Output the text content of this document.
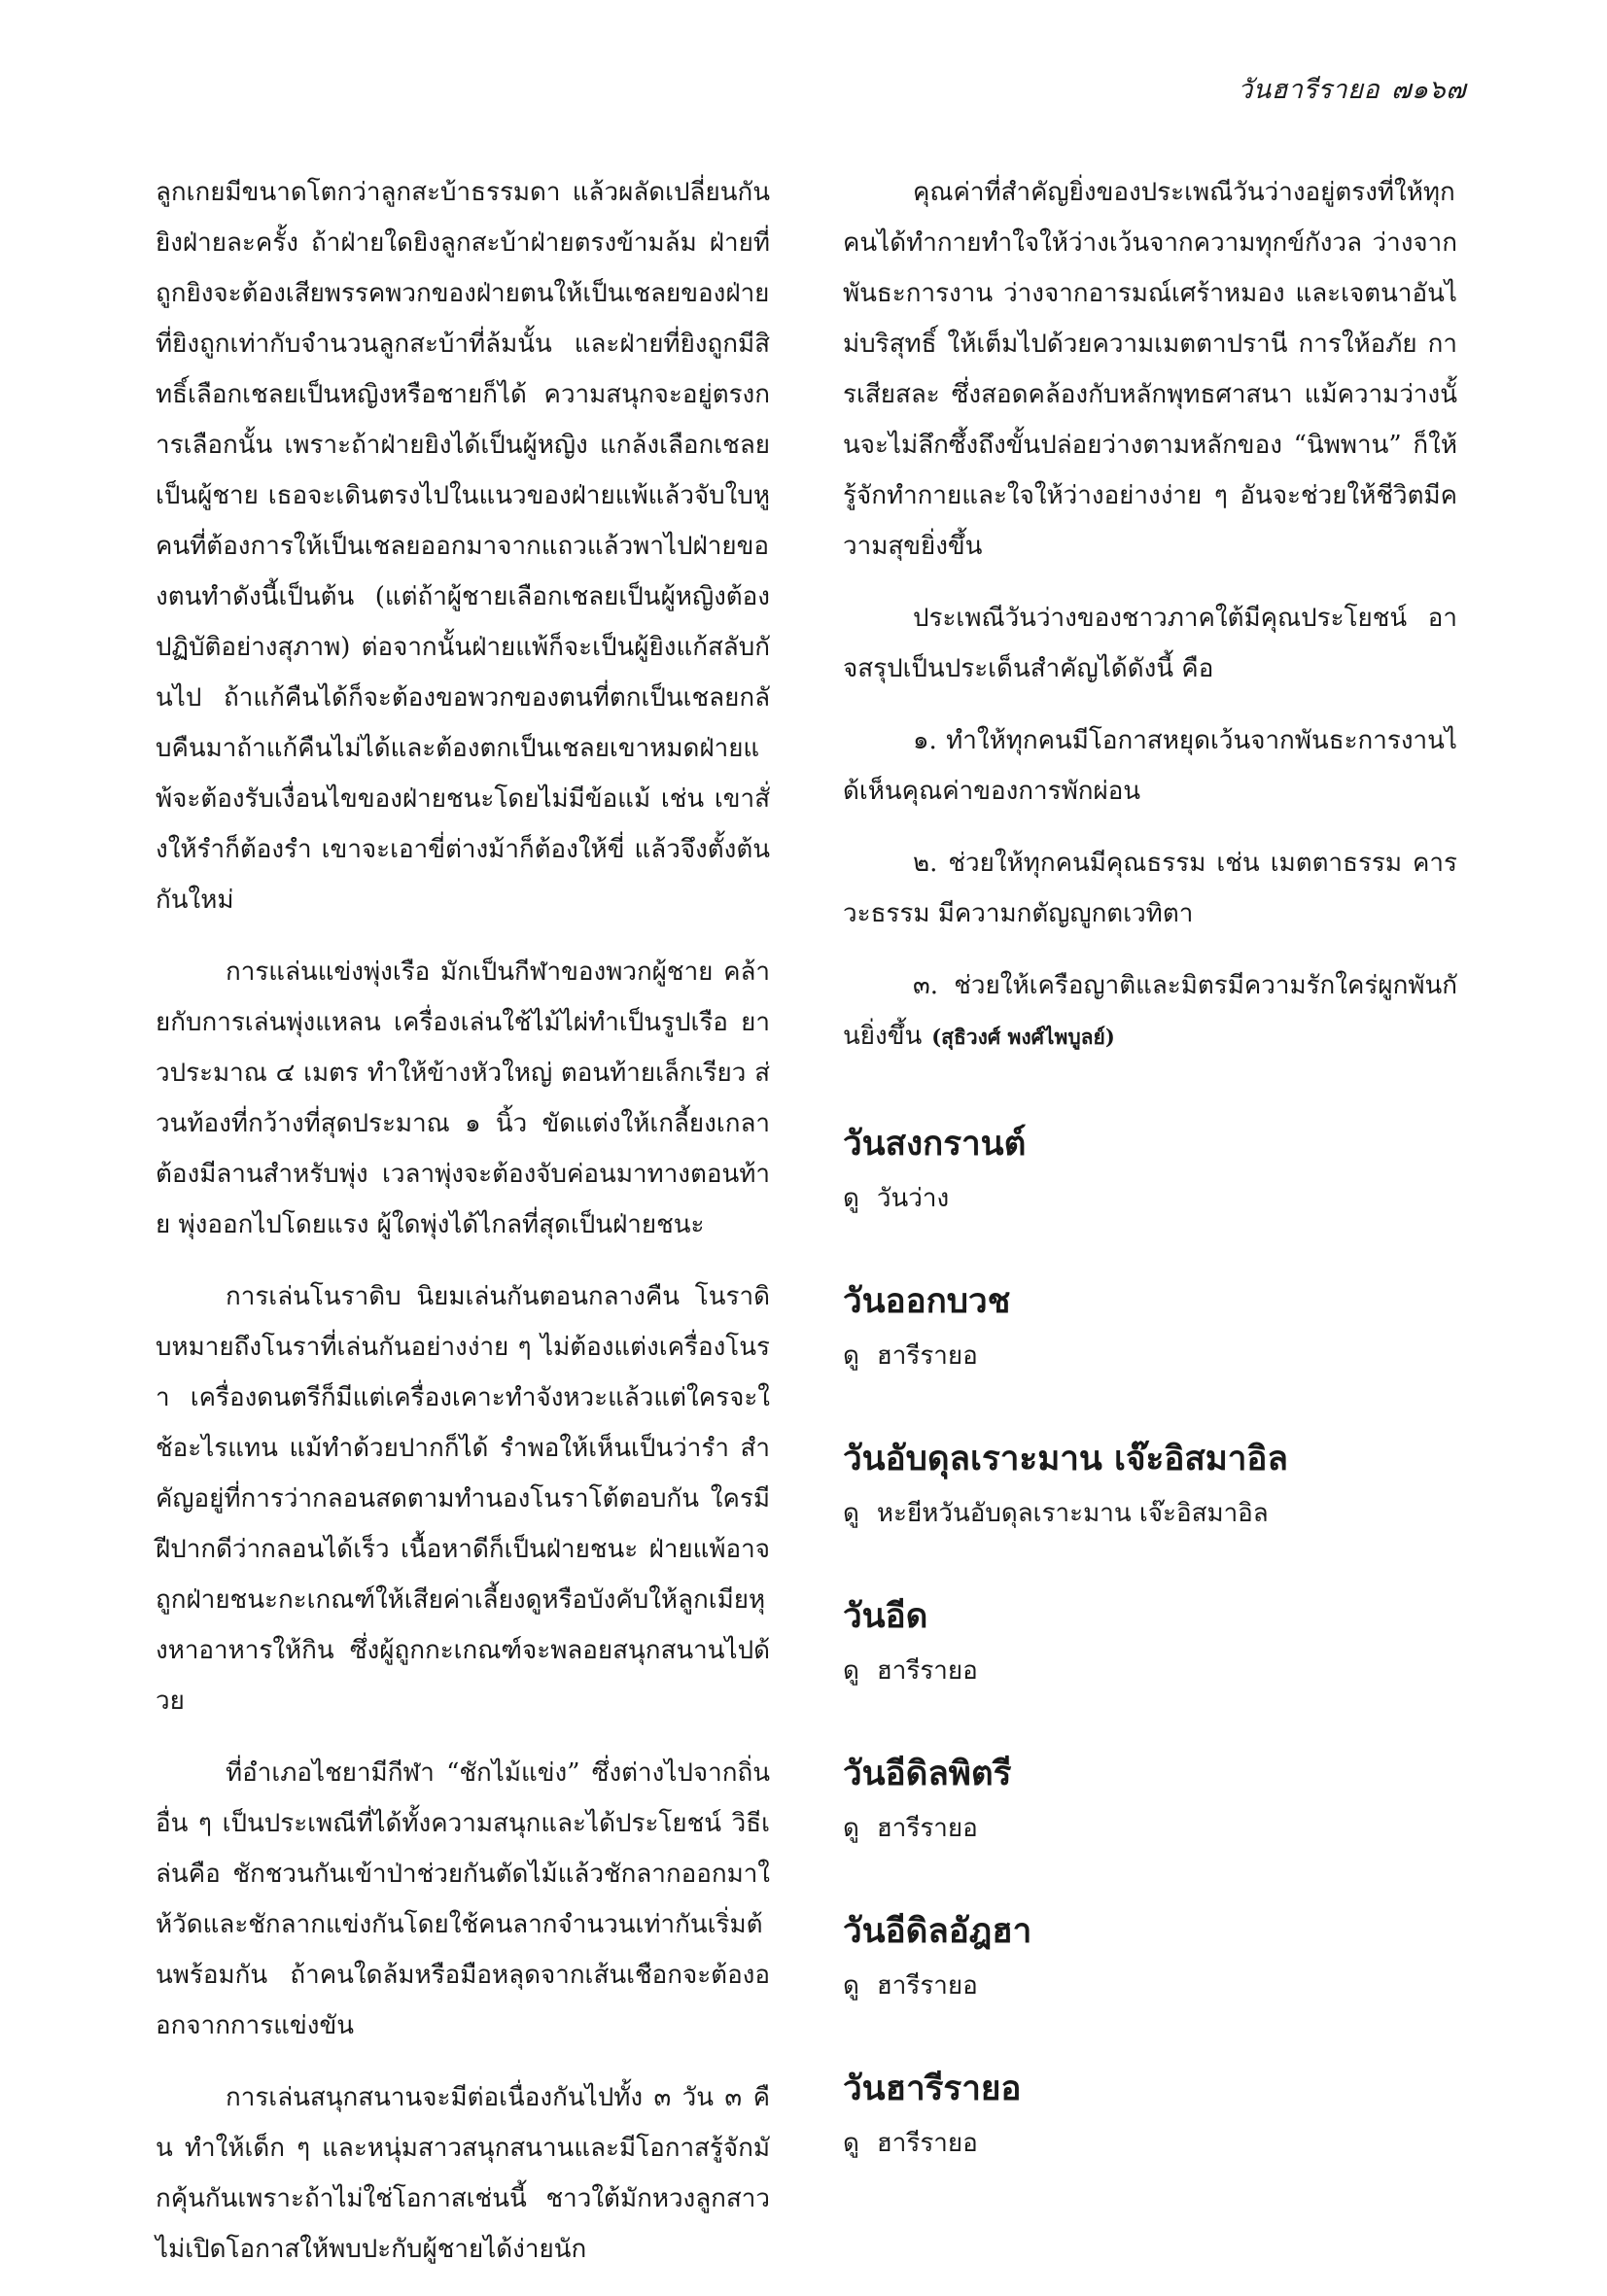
วันฮารีรายอ ๗๑๖๗

ลูกเกยมีขนาดโตกว่าลูกสะบ้าธรรมดา แล้วผลัดเปลี่ยนกันยิงฝ่ายละครั้ง ถ้าฝ่ายใดยิงลูกสะบ้าฝ่ายตรงข้ามล้ม ฝ่ายที่ถูกยิงจะต้องเสียพรรคพวกของฝ่ายตนให้เป็นเชลยของฝ่ายที่ยิงถูกเท่ากับจำนวนลูกสะบ้าที่ล้มนั้น และฝ่ายที่ยิงถูกมีสิทธิ์เลือกเชลยเป็นหญิงหรือชายก็ได้ ความสนุกจะอยู่ตรงการเลือกนั้น เพราะถ้าฝ่ายยิงได้เป็นผู้หญิง แกล้งเลือกเชลยเป็นผู้ชาย เธอจะเดินตรงไปในแนวของฝ่ายแพ้แล้วจับใบหูคนที่ต้องการให้เป็นเชลยออกมาจากแถวแล้วพาไปฝ่ายของตนทำดังนี้เป็นต้น (แต่ถ้าผู้ชายเลือกเชลยเป็นผู้หญิงต้องปฏิบัติอย่างสุภาพ) ต่อจากนั้นฝ่ายแพ้ก็จะเป็นผู้ยิงแก้สลับกันไป ถ้าแก้คืนได้ก็จะต้องขอพวกของตนที่ตกเป็นเชลยกลับคืนมาถ้าแก้คืนไม่ได้และต้องตกเป็นเชลยเขาหมดฝ่ายแพ้จะต้องรับเงื่อนไขของฝ่ายชนะโดยไม่มีข้อแม้ เช่น เขาสั่งให้รำก็ต้องรำ เขาจะเอาขี่ต่างม้าก็ต้องให้ขี่ แล้วจึงตั้งต้นกันใหม่

การแล่นแข่งพุ่งเรือ มักเป็นกีฬาของพวกผู้ชาย คล้ายกับการเล่นพุ่งแหลน เครื่องเล่นใช้ไม้ไผ่ทำเป็นรูปเรือ ยาวประมาณ ๔ เมตร ทำให้ข้างหัวใหญ่ ตอนท้ายเล็กเรียว ส่วนท้องที่กว้างที่สุดประมาณ ๑ นิ้ว ขัดแต่งให้เกลี้ยงเกลา ต้องมีลานสำหรับพุ่ง เวลาพุ่งจะต้องจับค่อนมาทางตอนท้าย พุ่งออกไปโดยแรง ผู้ใดพุ่งได้ไกลที่สุดเป็นฝ่ายชนะ

การเล่นโนราดิบ นิยมเล่นกันตอนกลางคืน โนราดิบหมายถึงโนราที่เล่นกันอย่างง่าย ๆ ไม่ต้องแต่งเครื่องโนรา เครื่องดนตรีก็มีแต่เครื่องเคาะทำจังหวะแล้วแต่ใครจะใช้อะไรแทน แม้ทำด้วยปากก็ได้ รำพอให้เห็นเป็นว่ารำ สำคัญอยู่ที่การว่ากลอนสดตามทำนองโนราโต้ตอบกัน ใครมีฝีปากดีว่ากลอนได้เร็ว เนื้อหาดีก็เป็นฝ่ายชนะ ฝ่ายแพ้อาจถูกฝ่ายชนะกะเกณฑ์ให้เสียค่าเลี้ยงดูหรือบังคับให้ลูกเมียหุงหาอาหารให้กิน ซึ่งผู้ถูกกะเกณฑ์จะพลอยสนุกสนานไปด้วย

ที่อำเภอไชยามีกีฬา “ชักไม้แข่ง” ซึ่งต่างไปจากถิ่นอื่น ๆ เป็นประเพณีที่ได้ทั้งความสนุกและได้ประโยชน์ วิธีเล่นคือ ชักชวนกันเข้าป่าช่วยกันตัดไม้แล้วชักลากออกมาให้วัดและชักลากแข่งกันโดยใช้คนลากจำนวนเท่ากันเริ่มต้นพร้อมกัน ถ้าคนใดล้มหรือมือหลุดจากเส้นเชือกจะต้องออกจากการแข่งขัน

การเล่นสนุกสนานจะมีต่อเนื่องกันไปทั้ง ๓ วัน ๓ คืน ทำให้เด็ก ๆ และหนุ่มสาวสนุกสนานและมีโอกาสรู้จักมักคุ้นกันเพราะถ้าไม่ใช่โอกาสเช่นนี้ ชาวใต้มักหวงลูกสาวไม่เปิดโอกาสให้พบปะกับผู้ชายได้ง่ายนัก

คุณค่าที่สำคัญยิ่งของประเพณีวันว่างอยู่ตรงที่ให้ทุกคนได้ทำกายทำใจให้ว่างเว้นจากความทุกข์กังวล ว่างจากพันธะการงาน ว่างจากอารมณ์เศร้าหมอง และเจตนาอันไม่บริสุทธิ์ ให้เต็มไปด้วยความเมตตาปรานี การให้อภัย การเสียสละ ซึ่งสอดคล้องกับหลักพุทธศาสนา แม้ความว่างนั้นจะไม่ลึกซึ้งถึงขั้นปล่อยว่างตามหลักของ “นิพพาน” ก็ให้รู้จักทำกายและใจให้ว่างอย่างง่าย ๆ อันจะช่วยให้ชีวิตมีความสุขยิ่งขึ้น

ประเพณีวันว่างของชาวภาคใต้มีคุณประโยชน์ อาจสรุปเป็นประเด็นสำคัญได้ดังนี้ คือ

๑. ทำให้ทุกคนมีโอกาสหยุดเว้นจากพันธะการงานได้เห็นคุณค่าของการพักผ่อน

๒. ช่วยให้ทุกคนมีคุณธรรม เช่น เมตตาธรรม คารวะธรรม มีความกตัญญูกตเวทิตา

๓. ช่วยให้เครือญาติและมิตรมีความรักใคร่ผูกพันกันยิ่งขึ้น (สุธิวงศ์ พงศ์ไพบูลย์)

วันสงกรานต์
ดู วันว่าง
วันออกบวช
ดู ฮารีรายอ
วันอับดุลเราะมาน เจ๊ะอิสมาอิล
ดู หะยีหวันอับดุลเราะมาน เจ๊ะอิสมาอิล
วันอีด
ดู ฮารีรายอ
วันอีดิลพิตรี
ดู ฮารีรายอ
วันอีดิลอัฎฮา
ดู ฮารีรายอ
วันฮารีรายอ
ดู ฮารีรายอ
